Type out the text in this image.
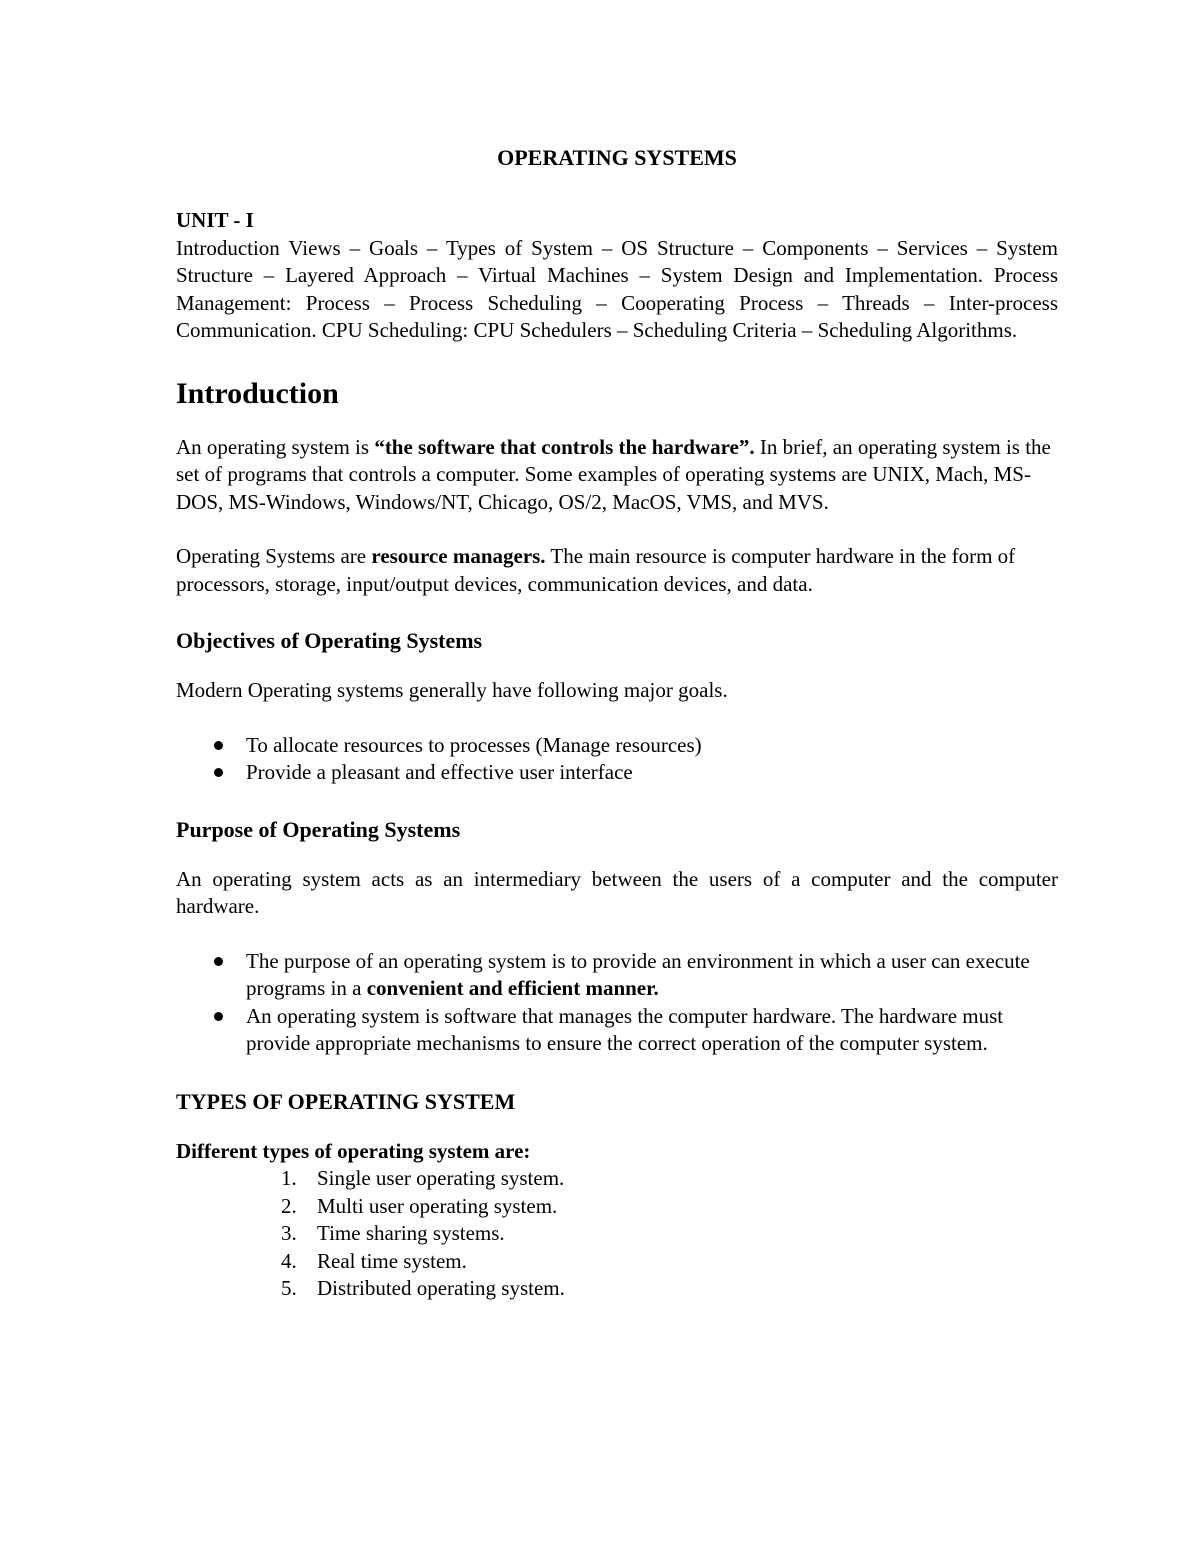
OPERATING SYSTEMS

UNIT - I

Introduction Views – Goals – Types of System – OS Structure – Components – Services – System Structure – Layered Approach – Virtual Machines – System Design and Implementation. Process Management: Process – Process Scheduling – Cooperating Process – Threads – Inter-process Communication. CPU Scheduling: CPU Schedulers – Scheduling Criteria – Scheduling Algorithms.

Introduction

An operating system is “the software that controls the hardware”. In brief, an operating system is the set of programs that controls a computer. Some examples of operating systems are UNIX, Mach, MS-DOS, MS-Windows, Windows/NT, Chicago, OS/2, MacOS, VMS, and MVS.

Operating Systems are resource managers. The main resource is computer hardware in the form of processors, storage, input/output devices, communication devices, and data.

Objectives of Operating Systems

Modern Operating systems generally have following major goals.

To allocate resources to processes (Manage resources)
Provide a pleasant and effective user interface
Purpose of Operating Systems

An operating system acts as an intermediary between the users of a computer and the computer hardware.

The purpose of an operating system is to provide an environment in which a user can execute programs in a convenient and efficient manner.
An operating system is software that manages the computer hardware. The hardware must provide appropriate mechanisms to ensure the correct operation of the computer system.
TYPES OF OPERATING SYSTEM

Different types of operating system are:

1. Single user operating system.
2. Multi user operating system.
3. Time sharing systems.
4. Real time system.
5. Distributed operating system.
